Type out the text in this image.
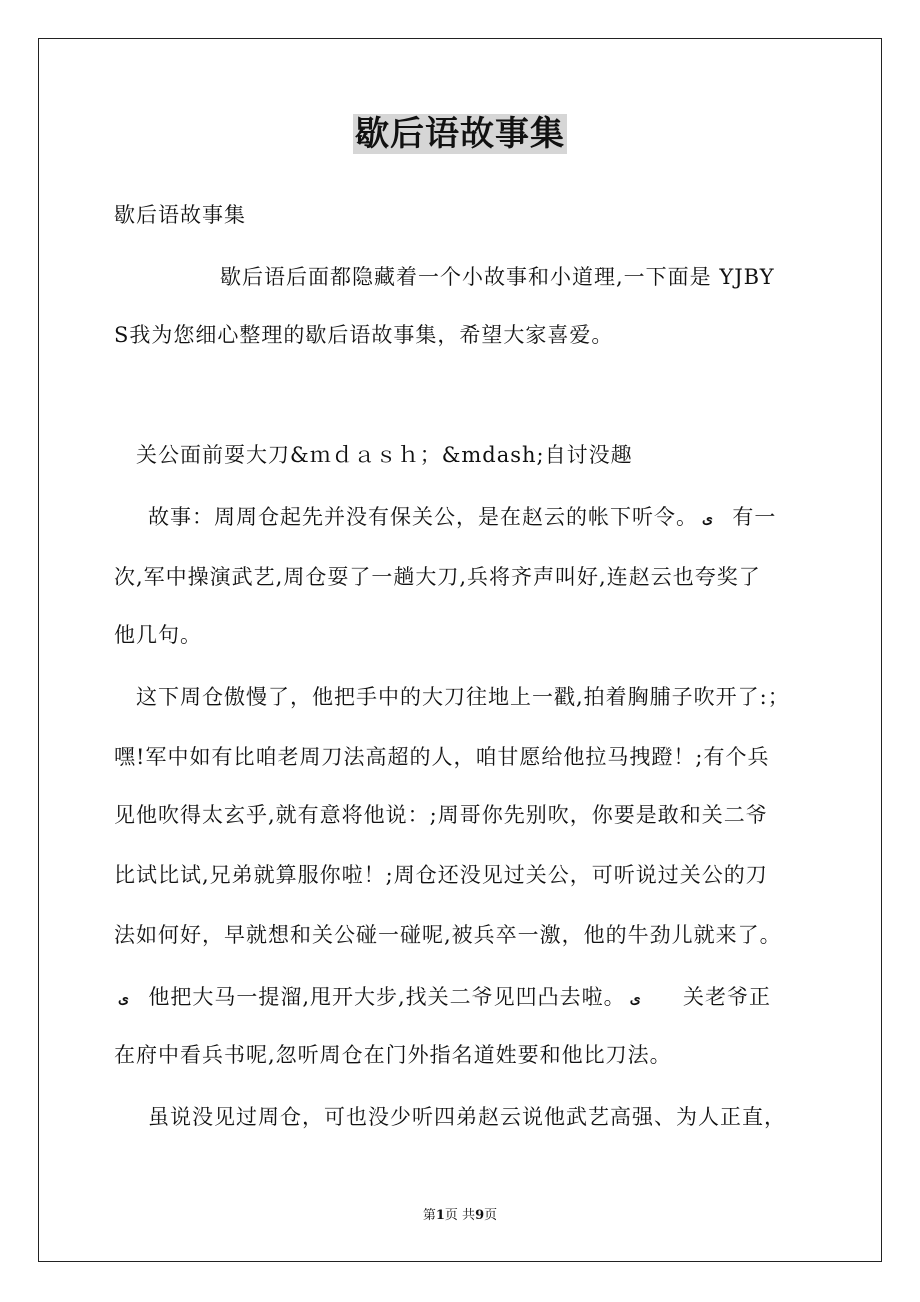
歇后语故事集
歇后语故事集
歇后语后面都隐藏着一个小故事和小道理,一下面是 YJBY
S我为您细心整理的歇后语故事集，希望大家喜爱。
关公面前耍大刀&ｍｄａｓｈ；&mdash;自讨没趣
故事：周周仓起先并没有保关公，是在赵云的帐下听令。 ى 有一
次,军中操演武艺,周仓耍了一趟大刀,兵将齐声叫好,连赵云也夸奖了
他几句。
这下周仓傲慢了，他把手中的大刀往地上一戳,拍着胸脯子吹开了:；
嘿!军中如有比咱老周刀法高超的人，咱甘愿给他拉马拽蹬！;有个兵
见他吹得太玄乎,就有意将他说：;周哥你先别吹，你要是敢和关二爷
比试比试,兄弟就算服你啦！;周仓还没见过关公，可听说过关公的刀
法如何好，早就想和关公碰一碰呢,被兵卒一激，他的牛劲儿就来了。
ى 他把大马一提溜,甩开大步,找关二爷见凹凸去啦。 ى 关老爷正
在府中看兵书呢,忽听周仓在门外指名道姓要和他比刀法。
虽说没见过周仓，可也没少听四弟赵云说他武艺高强、为人正直，
第1页 共9页
